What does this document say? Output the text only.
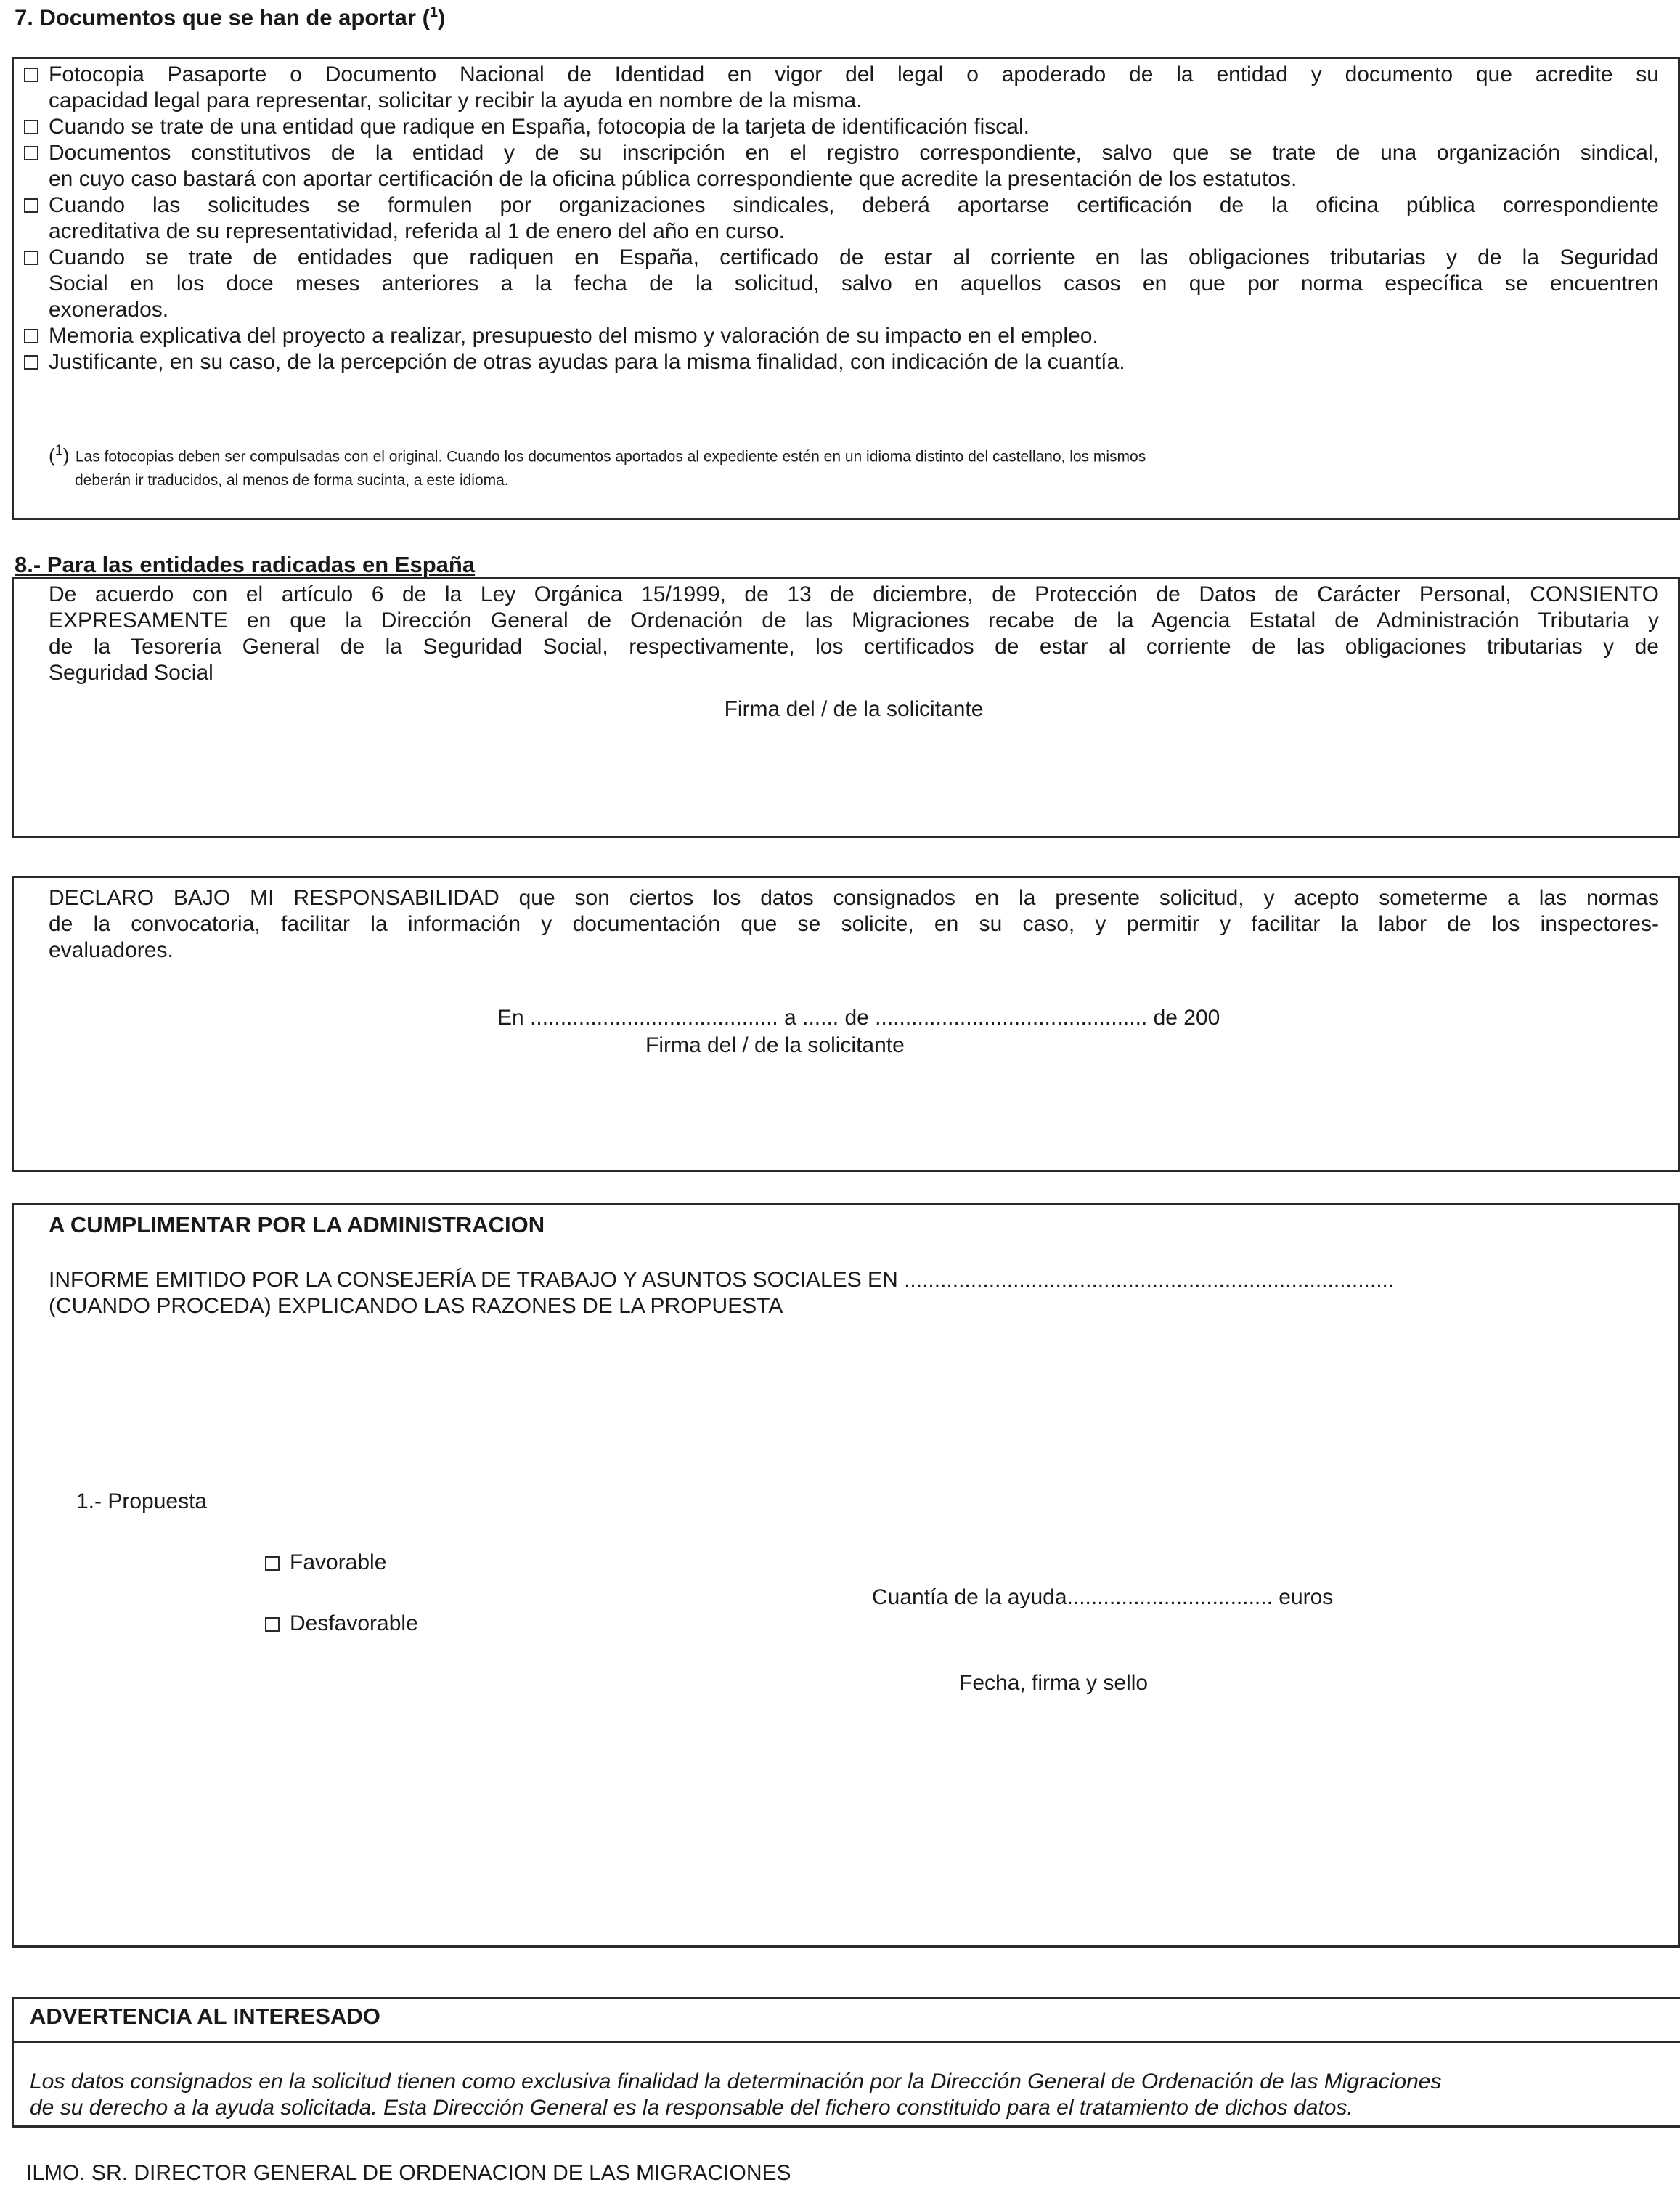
7. Documentos que se han de aportar ($^1$)
Fotocopia Pasaporte o Documento Nacional de Identidad en vigor del legal o apoderado de la entidad y documento que acredite su
capacidad legal para representar, solicitar y recibir la ayuda en nombre de la misma.
Cuando se trate de una entidad que radique en España, fotocopia de la tarjeta de identificación fiscal.
Documentos constitutivos de la entidad y de su inscripción en el registro correspondiente, salvo que se trate de una organización sindical,
en cuyo caso bastará con aportar certificación de la oficina pública correspondiente que acredite la presentación de los estatutos.
Cuando las solicitudes se formulen por organizaciones sindicales, deberá aportarse certificación de la oficina pública correspondiente
acreditativa de su representatividad, referida al 1 de enero del año en curso.
Cuando se trate de entidades que radiquen en España, certificado de estar al corriente en las obligaciones tributarias y de la Seguridad
Social en los doce meses anteriores a la fecha de la solicitud, salvo en aquellos casos en que por norma específica se encuentren
exonerados.
Memoria explicativa del proyecto a realizar, presupuesto del mismo y valoración de su impacto en el empleo.
Justificante, en su caso, de la percepción de otras ayudas para la misma finalidad, con indicación de la cuantía.
($^1$) Las fotocopias deben ser compulsadas con el original. Cuando los documentos aportados al expediente estén en un idioma distinto del castellano, los mismos
deberán ir traducidos, al menos de forma sucinta, a este idioma.
8.- Para las entidades radicadas en España
De acuerdo con el artículo 6 de la Ley Orgánica 15/1999, de 13 de diciembre, de Protección de Datos de Carácter Personal, CONSIENTO
EXPRESAMENTE en que la Dirección General de Ordenación de las Migraciones recabe de la Agencia Estatal de Administración Tributaria y
de la Tesorería General de la Seguridad Social, respectivamente, los certificados de estar al corriente de las obligaciones tributarias y de
Seguridad Social
Firma del / de la solicitante
DECLARO BAJO MI RESPONSABILIDAD que son ciertos los datos consignados en la presente solicitud, y acepto someterme a las normas
de la convocatoria, facilitar la información y documentación que se solicite, en su caso, y permitir y facilitar la labor de los inspectores-
evaluadores.
En ......................................... a ...... de ............................................. de 200
Firma del / de la solicitante
A CUMPLIMENTAR POR LA ADMINISTRACION
INFORME EMITIDO POR LA CONSEJERÍA DE TRABAJO Y ASUNTOS SOCIALES EN .................................................................................
(CUANDO PROCEDA) EXPLICANDO LAS RAZONES DE LA PROPUESTA
1.- Propuesta
Favorable
Desfavorable
Cuantía de la ayuda.................................. euros
Fecha, firma y sello
ADVERTENCIA AL INTERESADO
Los datos consignados en la solicitud tienen como exclusiva finalidad la determinación por la Dirección General de Ordenación de las Migraciones
de su derecho a la ayuda solicitada. Esta Dirección General es la responsable del fichero constituido para el tratamiento de dichos datos.
ILMO. SR. DIRECTOR GENERAL DE ORDENACION DE LAS MIGRACIONES
